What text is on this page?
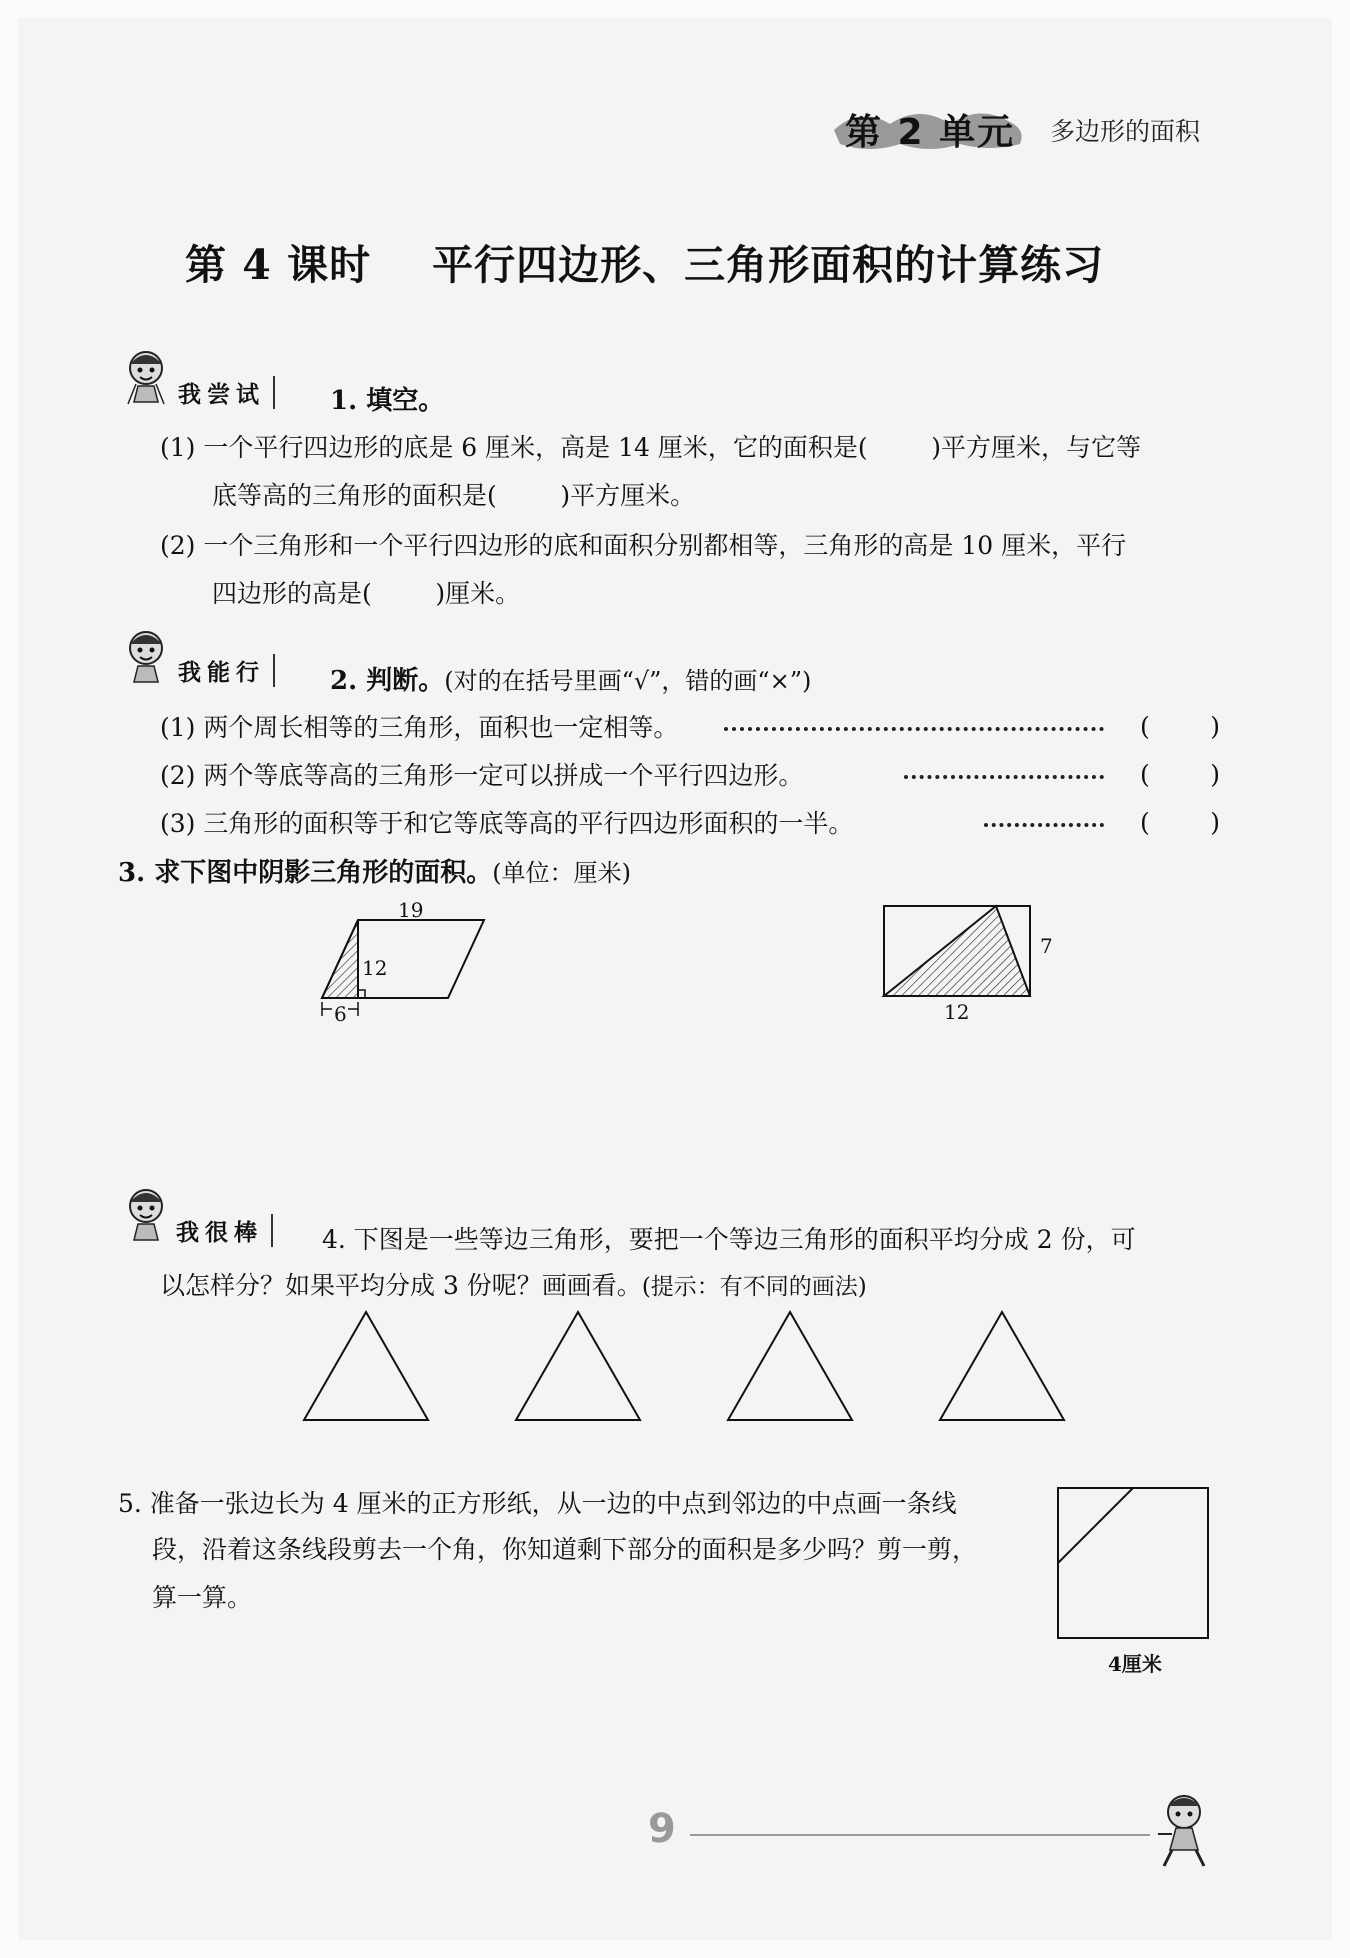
第 2 单元 多边形的面积
第 4 课时    平行四边形、三角形面积的计算练习
我尝试	1. 填空。
(1) 一个平行四边形的底是 6 厘米，高是 14 厘米，它的面积是(        )平方厘米，与它等
底等高的三角形的面积是(        )平方厘米。
(2) 一个三角形和一个平行四边形的底和面积分别都相等，三角形的高是 10 厘米，平行
四边形的高是(        )厘米。
我能行	2. 判断。(对的在括号里画“√”，错的画“×”)
(1) 两个周长相等的三角形，面积也一定相等。	( )
(2) 两个等底等高的三角形一定可以拼成一个平行四边形。	( )
(3) 三角形的面积等于和它等底等高的平行四边形面积的一半。	( )
3. 求下图中阴影三角形的面积。(单位：厘米)
19
12
6
7
12
我很棒	4. 下图是一些等边三角形，要把一个等边三角形的面积平均分成 2 份，可
以怎样分？如果平均分成 3 份呢？画画看。(提示：有不同的画法)
5. 准备一张边长为 4 厘米的正方形纸，从一边的中点到邻边的中点画一条线
段，沿着这条线段剪去一个角，你知道剩下部分的面积是多少吗？剪一剪，
算一算。
4厘米
9
